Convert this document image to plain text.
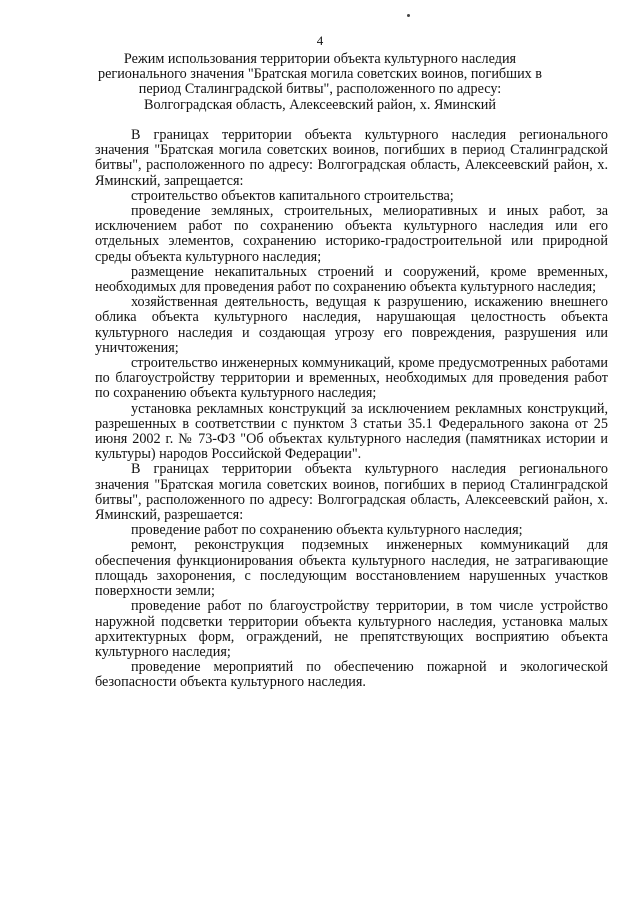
4
Режим использования территории объекта культурного наследия регионального значения "Братская могила советских воинов, погибших в период Сталинградской битвы", расположенного по адресу: Волгоградская область, Алексеевский район, х. Яминский

В границах территории объекта культурного наследия регионального значения "Братская могила советских воинов, погибших в период Сталинградской битвы", расположенного по адресу: Волгоградская область, Алексеевский район, х. Яминский, запрещается:

строительство объектов капитального строительства;

проведение земляных, строительных, мелиоративных и иных работ, за исключением работ по сохранению объекта культурного наследия или его отдельных элементов, сохранению историко-градостроительной или природной среды объекта культурного наследия;

размещение некапитальных строений и сооружений, кроме временных, необходимых для проведения работ по сохранению объекта культурного наследия;

хозяйственная деятельность, ведущая к разрушению, искажению внешнего облика объекта культурного наследия, нарушающая целостность объекта культурного наследия и создающая угрозу его повреждения, разрушения или уничтожения;

строительство инженерных коммуникаций, кроме предусмотренных работами по благоустройству территории и временных, необходимых для проведения работ по сохранению объекта культурного наследия;

установка рекламных конструкций за исключением рекламных конструкций, разрешенных в соответствии с пунктом 3 статьи 35.1 Федерального закона от 25 июня 2002 г. № 73-ФЗ "Об объектах культурного наследия (памятниках истории и культуры) народов Российской Федерации".

В границах территории объекта культурного наследия регионального значения "Братская могила советских воинов, погибших в период Сталинградской битвы", расположенного по адресу: Волгоградская область, Алексеевский район, х. Яминский, разрешается:

проведение работ по сохранению объекта культурного наследия;

ремонт, реконструкция подземных инженерных коммуникаций для обеспечения функционирования объекта культурного наследия, не затрагивающие площадь захоронения, с последующим восстановлением нарушенных участков поверхности земли;

проведение работ по благоустройству территории, в том числе устройство наружной подсветки территории объекта культурного наследия, установка малых архитектурных форм, ограждений, не препятствующих восприятию объекта культурного наследия;

проведение мероприятий по обеспечению пожарной и экологической безопасности объекта культурного наследия.
